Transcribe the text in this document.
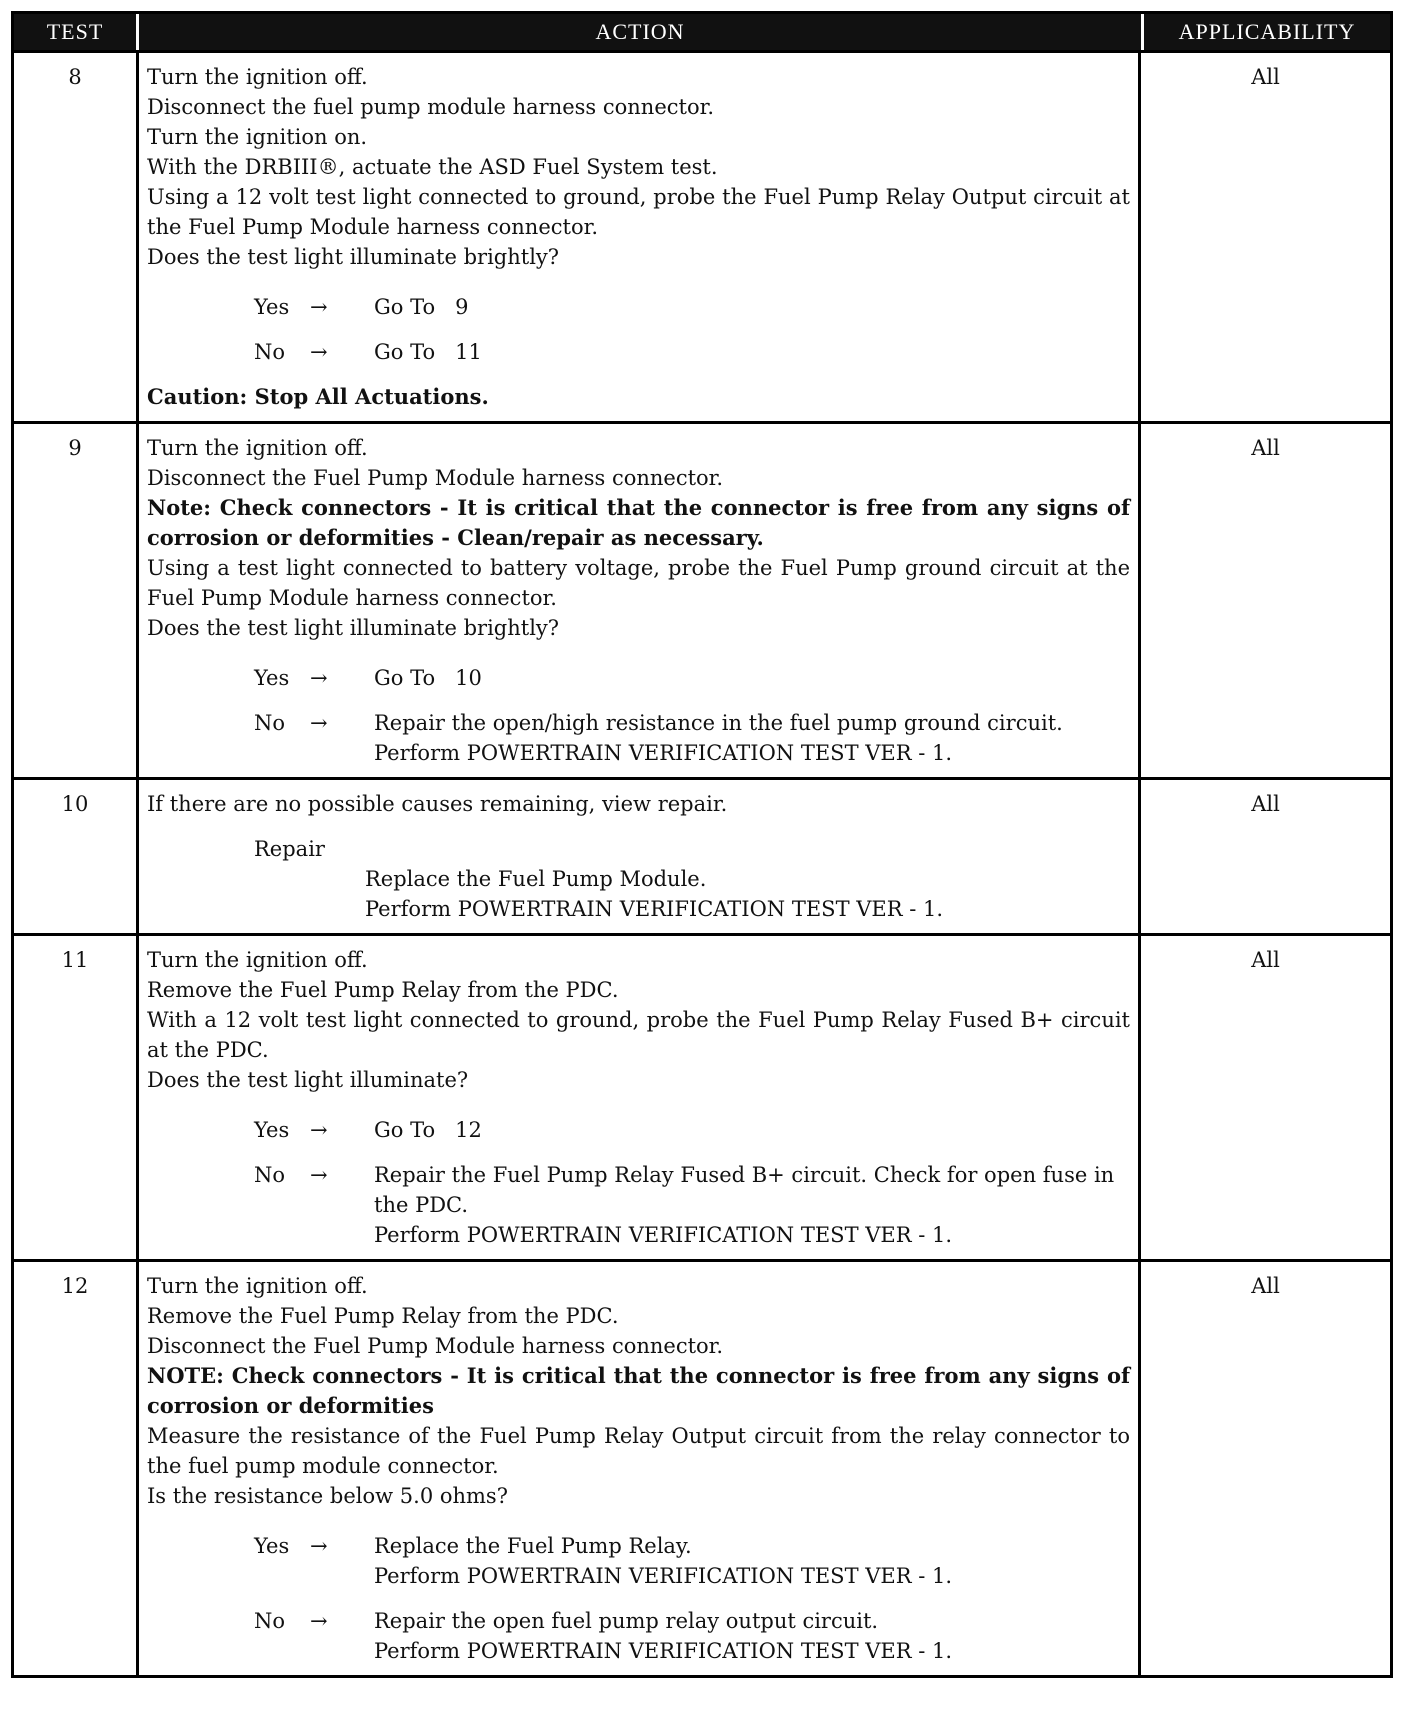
TEST	ACTION	APPLICABILITY
8	Turn the ignition off.
Disconnect the fuel pump module harness connector.
Turn the ignition on.
With the DRBIII®, actuate the ASD Fuel System test.
Using a 12 volt test light connected to ground, probe the Fuel Pump Relay Output circuit at the Fuel Pump Module harness connector.
Does the test light illuminate brightly?
Yes →	Go To   9
No	→	Go To   11
Caution: Stop All Actuations.
All
9	Turn the ignition off.
Disconnect the Fuel Pump Module harness connector.
Note: Check connectors - It is critical that the connector is free from any signs of corrosion or deformities - Clean/repair as necessary.
Using a test light connected to battery voltage, probe the Fuel Pump ground circuit at the Fuel Pump Module harness connector.
Does the test light illuminate brightly?
Yes →	Go To   10
No	→	Repair the open/high resistance in the fuel pump ground circuit.
Perform POWERTRAIN VERIFICATION TEST VER - 1.
All
10	If there are no possible causes remaining, view repair.
Repair
Replace the Fuel Pump Module.
Perform POWERTRAIN VERIFICATION TEST VER - 1.
All
11	Turn the ignition off.
Remove the Fuel Pump Relay from the PDC.
With a 12 volt test light connected to ground, probe the Fuel Pump Relay Fused B+ circuit at the PDC.
Does the test light illuminate?
Yes →	Go To   12
No	→	Repair the Fuel Pump Relay Fused B+ circuit. Check for open fuse in the PDC.
Perform POWERTRAIN VERIFICATION TEST VER - 1.
All
12	Turn the ignition off.
Remove the Fuel Pump Relay from the PDC.
Disconnect the Fuel Pump Module harness connector.
NOTE: Check connectors - It is critical that the connector is free from any signs of corrosion or deformities
Measure the resistance of the Fuel Pump Relay Output circuit from the relay connector to the fuel pump module connector.
Is the resistance below 5.0 ohms?
Yes →	Replace the Fuel Pump Relay.
Perform POWERTRAIN VERIFICATION TEST VER - 1.
No	→	Repair the open fuel pump relay output circuit.
Perform POWERTRAIN VERIFICATION TEST VER - 1.
All
